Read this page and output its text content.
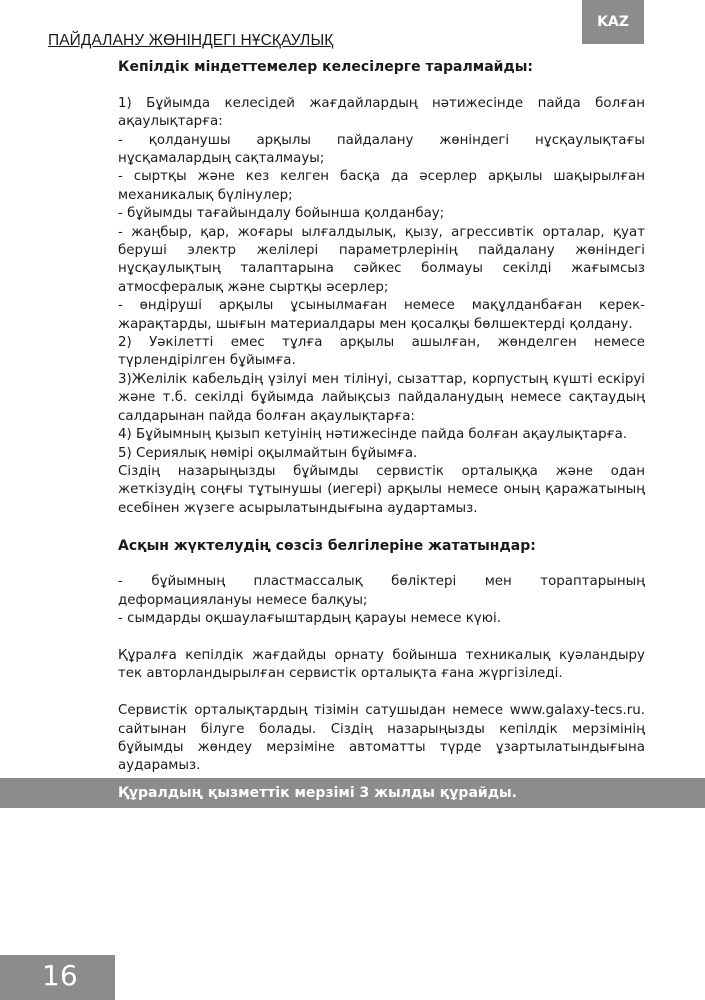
KAZ
ПАЙДАЛАНУ ЖӨНІНДЕГІ НҰСҚАУЛЫҚ

Кепілдік міндеттемелер келесілерге таралмайды:

1) Бұйымда келесідей жағдайлардың нәтижесінде пайда болған ақаулықтарға:

- қолданушы арқылы пайдалану жөніндегі нұсқаулықтағы нұсқамалардың сақталмауы;

- сыртқы және кез келген басқа да әсерлер арқылы шақырылған механикалық бүлінулер;

- бұйымды тағайындалу бойынша қолданбау;

- жаңбыр, қар, жоғары ылғалдылық, қызу, агрессивтік орталар, қуат беруші электр желілері параметрлерінің пайдалану жөніндегі нұсқаулықтың талаптарына сәйкес болмауы секілді жағымсыз атмосфералық және сыртқы әсерлер;

- өндіруші арқылы ұсынылмаған немесе мақұлданбаған керек-жарақтарды, шығын материалдары мен қосалқы бөлшектерді қолдану.

2) Уәкілетті емес тұлға арқылы ашылған, жөнделген немесе түрлендірілген бұйымға.

3)Желілік кабельдің үзілуі мен тілінуі, сызаттар, корпустың күшті ескіруі және т.б. секілді бұйымда лайықсыз пайдаланудың немесе сақтаудың салдарынан пайда болған ақаулықтарға:

4) Бұйымның қызып кетуінің нәтижесінде пайда болған ақаулықтарға.

5) Сериялық нөмірі оқылмайтын бұйымға.

Сіздің назарыңызды бұйымды сервистік орталыққа және одан жеткізудің соңғы тұтынушы (иегері) арқылы немесе оның қаражатының есебінен жүзеге асырылатындығына аудартамыз.

Асқын жүктелудің сөзсіз белгілеріне жататындар:

- бұйымның пластмассалық бөліктері мен тораптарының деформациялануы немесе балқуы;

- сымдарды оқшаулағыштардың қарауы немесе күюі.

Құралға кепілдік жағдайды орнату бойынша техникалық куәландыру тек авторландырылған сервистік орталықта ғана жүргізіледі.

Сервистік орталықтардың тізімін сатушыдан немесе www.galaxy-tecs.ru. сайтынан білуге болады. Сіздің назарыңызды кепілдік мерзімінің бұйымды жөндеу мерзіміне автоматты түрде ұзартылатындығына аударамыз.

Құралдың қызметтік мерзімі 3 жылды құрайды.
16
